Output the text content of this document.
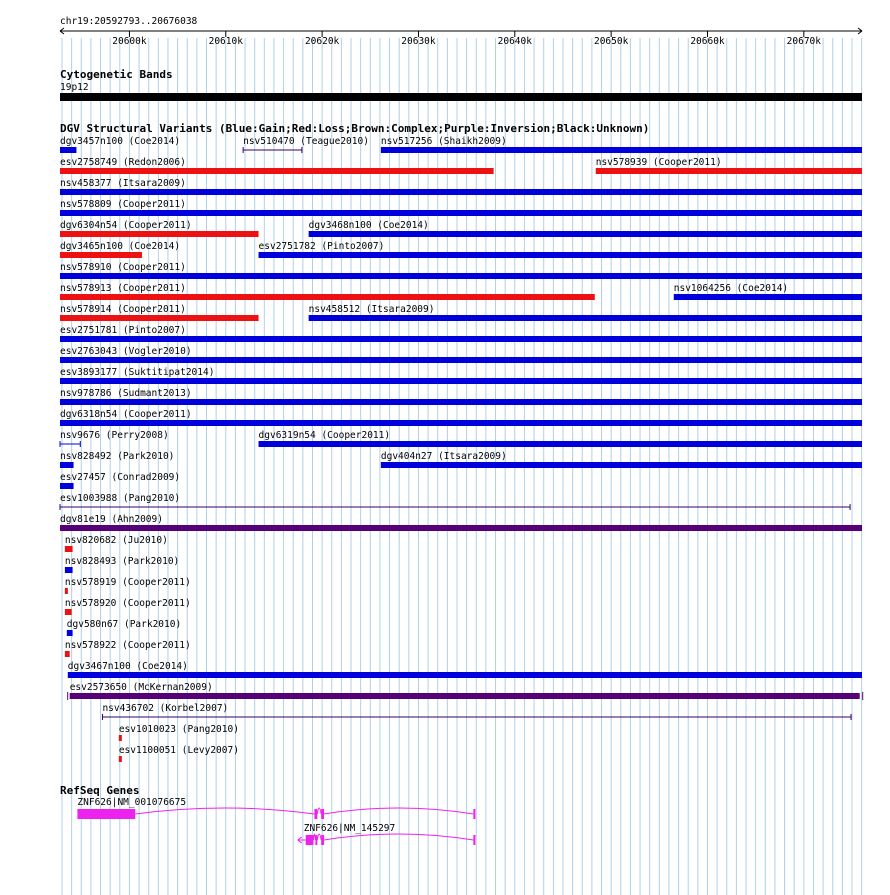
chr19:20592793..20676038
20600k	20610k	20620k	20630k	20640k	20650k	20660k	20670k
Cytogenetic Bands
19p12
DGV Structural Variants (Blue:Gain;Red:Loss;Brown:Complex;Purple:Inversion;Black:Unknown)
dgv3457n100 (Coe2014)	nsv510470 (Teague2010) nsv517256 (Shaikh2009)
esv2758749 (Redon2006)	nsv578939 (Cooper2011)
nsv458377 (Itsara2009)
nsv578809 (Cooper2011)
dgv6304n54 (Cooper2011)	dgv3468n100 (Coe2014)
dgv3465n100 (Coe2014)	esv2751782 (Pinto2007)
nsv578910 (Cooper2011)
nsv578913 (Cooper2011)	nsv1064256 (Coe2014)
nsv578914 (Cooper2011)	nsv458512 (Itsara2009)
esv2751781 (Pinto2007)
esv2763043 (Vogler2010)
esv3893177 (Suktitipat2014)
nsv978786 (Sudmant2013)
dgv6318n54 (Cooper2011)
nsv9676 (Perry2008)	dgv6319n54 (Cooper2011)
nsv828492 (Park2010)	dgv404n27 (Itsara2009)
esv27457 (Conrad2009)
esv1003988 (Pang2010)
dgv81e19 (Ahn2009)
nsv820682 (Ju2010)
nsv828493 (Park2010)
nsv578919 (Cooper2011)
nsv578920 (Cooper2011)
dgv580n67 (Park2010)
nsv578922 (Cooper2011)
dgv3467n100 (Coe2014)
esv2573650 (McKernan2009)
nsv436702 (Korbel2007)
esv1010023 (Pang2010)
esv1100051 (Levy2007)
RefSeq Genes
ZNF626|NM_001076675
ZNF626|NM_145297
